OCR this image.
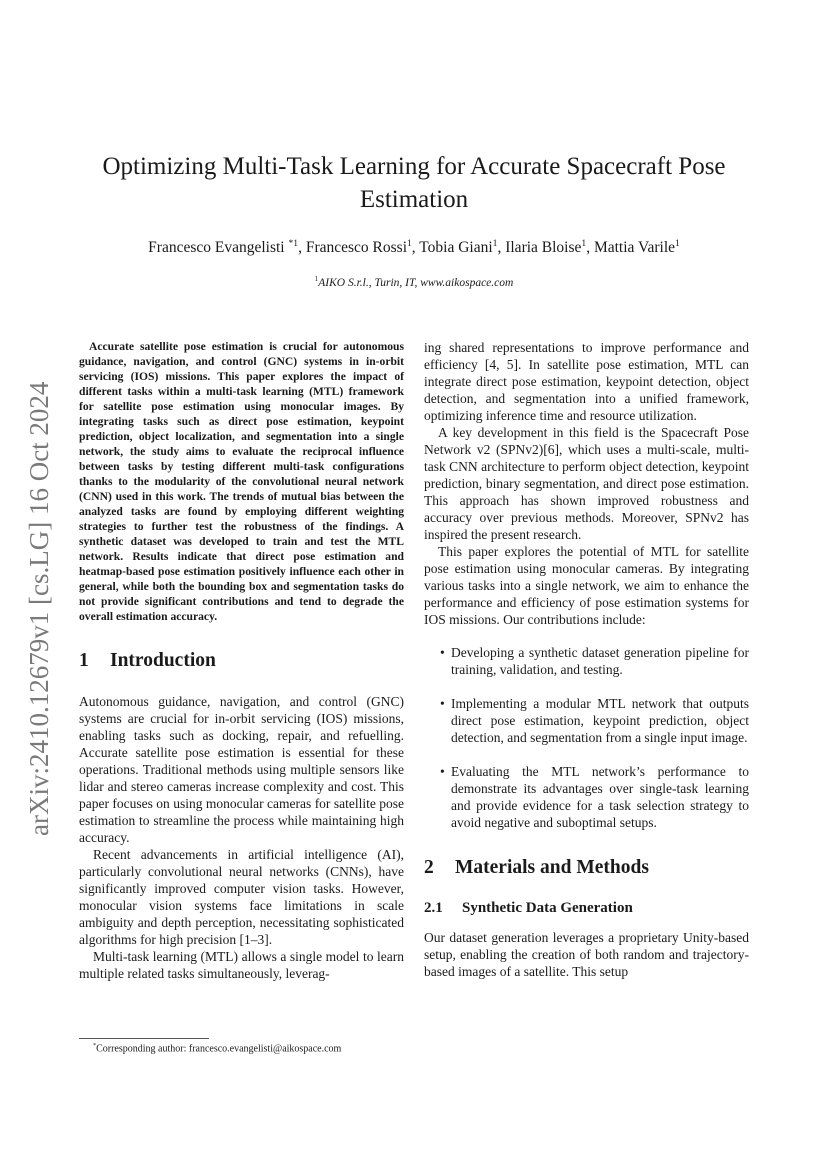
Optimizing Multi-Task Learning for Accurate Spacecraft Pose Estimation
Francesco Evangelisti $^{*1}$, Francesco Rossi$^1$, Tobia Giani$^1$, Ilaria Bloise$^1$, Mattia Varile$^1$
$^1$AIKO S.r.l., Turin, IT, www.aikospace.com
arXiv:2410.12679v1 [cs.LG] 16 Oct 2024

Accurate satellite pose estimation is crucial for autonomous guidance, navigation, and control (GNC) systems in in-orbit servicing (IOS) missions. This paper explores the impact of different tasks within a multi-task learning (MTL) framework for satellite pose estimation using monocular images. By integrating tasks such as direct pose estimation, keypoint prediction, object localization, and segmentation into a single network, the study aims to evaluate the reciprocal influence between tasks by testing different multi-task configurations thanks to the modularity of the convolutional neural network (CNN) used in this work. The trends of mutual bias between the analyzed tasks are found by employing different weighting strategies to further test the robustness of the findings. A synthetic dataset was developed to train and test the MTL network. Results indicate that direct pose estimation and heatmap-based pose estimation positively influence each other in general, while both the bounding box and segmentation tasks do not provide significant contributions and tend to degrade the overall estimation accuracy.

1 Introduction

Autonomous guidance, navigation, and control (GNC) systems are crucial for in-orbit servicing (IOS) missions, enabling tasks such as docking, repair, and refuelling. Accurate satellite pose estimation is essential for these operations. Traditional methods using multiple sensors like lidar and stereo cameras increase complexity and cost. This paper focuses on using monocular cameras for satellite pose estimation to streamline the process while maintaining high accuracy.

Recent advancements in artificial intelligence (AI), particularly convolutional neural networks (CNNs), have significantly improved computer vision tasks. However, monocular vision systems face limitations in scale ambiguity and depth perception, necessitating sophisticated algorithms for high precision [1–3].

Multi-task learning (MTL) allows a single model to learn multiple related tasks simultaneously, leverag-

ing shared representations to improve performance and efficiency [4, 5]. In satellite pose estimation, MTL can integrate direct pose estimation, keypoint detection, object detection, and segmentation into a unified framework, optimizing inference time and resource utilization.

A key development in this field is the Spacecraft Pose Network v2 (SPNv2)[6], which uses a multi-scale, multi-task CNN architecture to perform object detection, keypoint prediction, binary segmentation, and direct pose estimation. This approach has shown improved robustness and accuracy over previous methods. Moreover, SPNv2 has inspired the present research.

This paper explores the potential of MTL for satellite pose estimation using monocular cameras. By integrating various tasks into a single network, we aim to enhance the performance and efficiency of pose estimation systems for IOS missions. Our contributions include:

• Developing a synthetic dataset generation pipeline for training, validation, and testing.
• Implementing a modular MTL network that outputs direct pose estimation, keypoint prediction, object detection, and segmentation from a single input image.
• Evaluating the MTL network’s performance to demonstrate its advantages over single-task learning and provide evidence for a task selection strategy to avoid negative and suboptimal setups.
2 Materials and Methods
2.1 Synthetic Data Generation

Our dataset generation leverages a proprietary Unity-based setup, enabling the creation of both random and trajectory-based images of a satellite. This setup

*Corresponding author: francesco.evangelisti@aikospace.com
